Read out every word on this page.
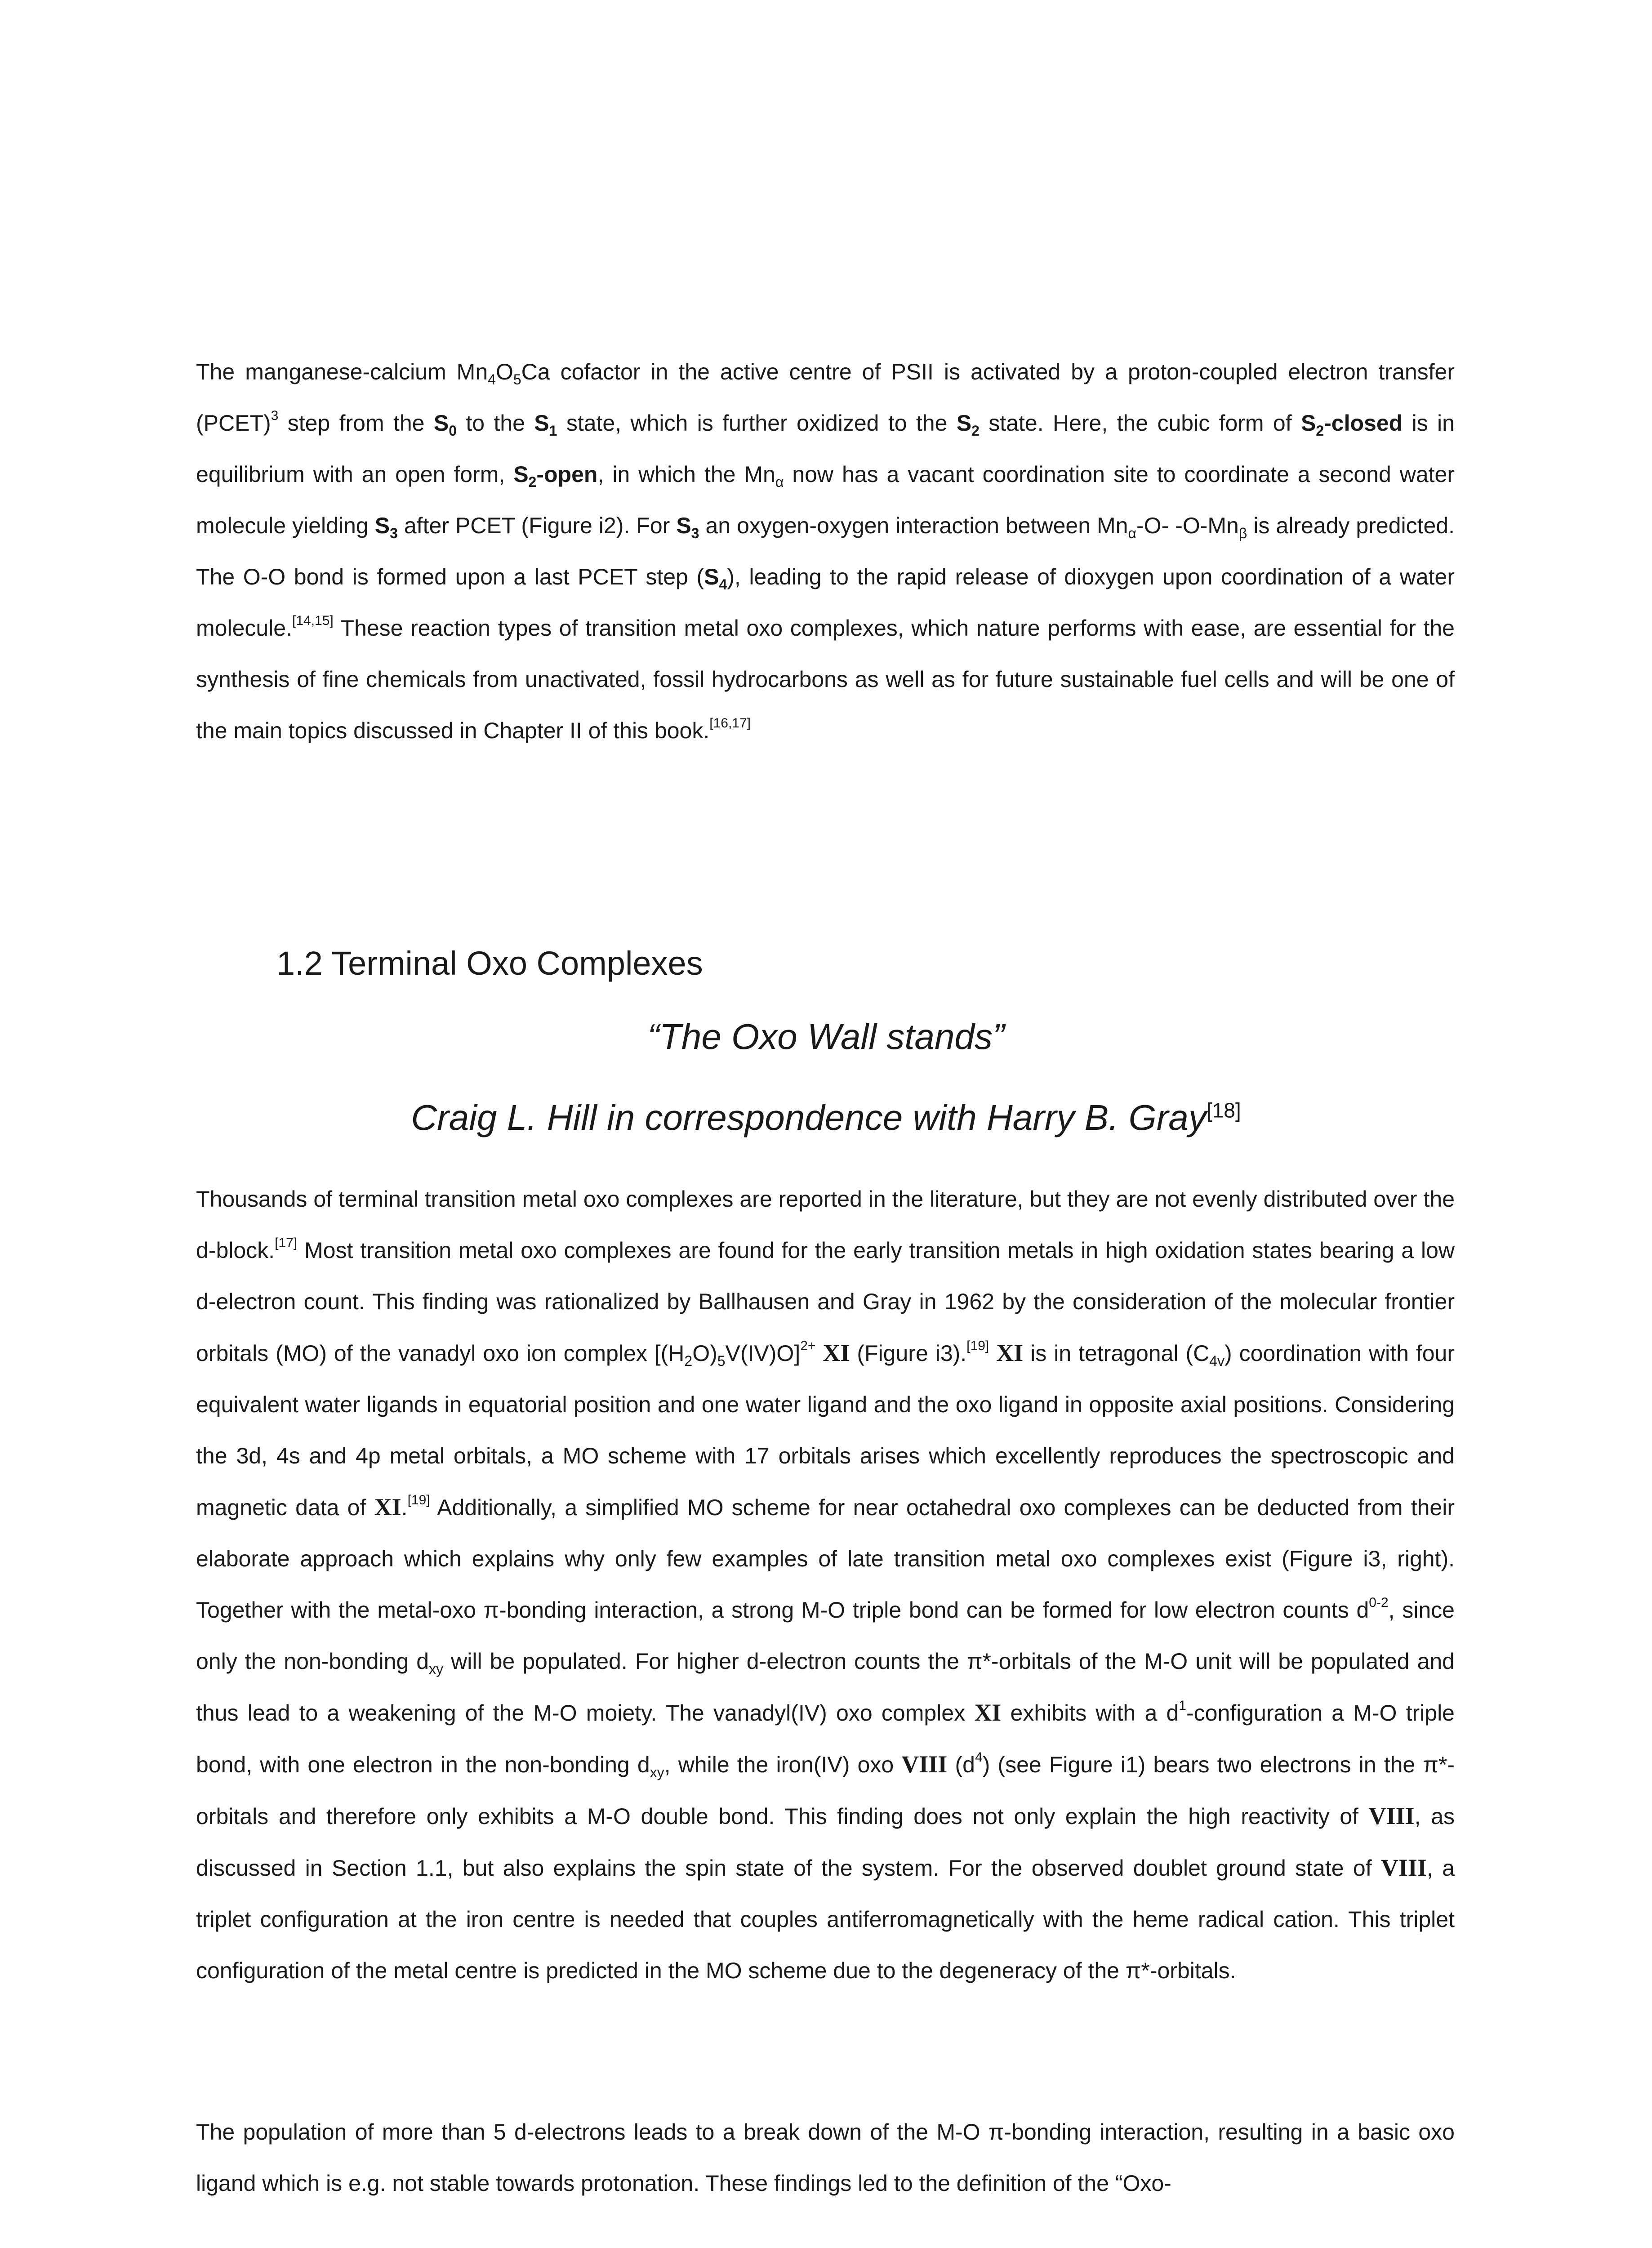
The manganese-calcium $Mn_4O_5Ca$ cofactor in the active centre of PSII is activated by a proton-coupled electron transfer (PCET)$^3$ step from the $S_0$ to the $S_1$ state, which is further oxidized to the $S_2$ state. Here, the cubic form of $S_2$-closed is in equilibrium with an open form, $S_2$-open, in which the $Mn_\alpha$ now has a vacant coordination site to coordinate a second water molecule yielding $S_3$ after PCET (Figure i2). For $S_3$ an oxygen-oxygen interaction between $Mn_\alpha-O-$ $-O-Mn_\beta$ is already predicted. The O-O bond is formed upon a last PCET step $(S_4)$, leading to the rapid release of dioxygen upon coordination of a water molecule.[14,15] These reaction types of transition metal oxo complexes, which nature performs with ease, are essential for the synthesis of fine chemicals from unactivated, fossil hydrocarbons as well as for future sustainable fuel cells and will be one of the main topics discussed in Chapter II of this book.[16,17]

1.2 Terminal Oxo Complexes

“The Oxo Wall stands”

Craig L. Hill in correspondence with Harry B. Gray[18]

Thousands of terminal transition metal oxo complexes are reported in the literature, but they are not evenly distributed over the d-block.[17] Most transition metal oxo complexes are found for the early transition metals in high oxidation states bearing a low d-electron count. This finding was rationalized by Ballhausen and Gray in 1962 by the consideration of the molecular frontier orbitals (MO) of the vanadyl oxo ion complex $[(H_2O)_5V(IV)O]^{2+}$ XI (Figure i3).[19] XI is in tetragonal $(C_{4v})$ coordination with four equivalent water ligands in equatorial position and one water ligand and the oxo ligand in opposite axial positions. Considering the 3d, 4s and 4p metal orbitals, a MO scheme with 17 orbitals arises which excellently reproduces the spectroscopic and magnetic data of XI.[19] Additionally, a simplified MO scheme for near octahedral oxo complexes can be deducted from their elaborate approach which explains why only few examples of late transition metal oxo complexes exist (Figure i3, right). Together with the metal-oxo π-bonding interaction, a strong M-O triple bond can be formed for low electron counts $d^{0-2}$, since only the non-bonding $d_{xy}$ will be populated. For higher d-electron counts the π*-orbitals of the M-O unit will be populated and thus lead to a weakening of the M-O moiety. The vanadyl(IV) oxo complex XI exhibits with a $d^1$-configuration a M-O triple bond, with one electron in the non-bonding $d_{xy}$, while the iron(IV) oxo VIII $(d^4)$ (see Figure i1) bears two electrons in the π*-orbitals and therefore only exhibits a M-O double bond. This finding does not only explain the high reactivity of VIII, as discussed in Section 1.1, but also explains the spin state of the system. For the observed doublet ground state of VIII, a triplet configuration at the iron centre is needed that couples antiferromagnetically with the heme radical cation. This triplet configuration of the metal centre is predicted in the MO scheme due to the degeneracy of the π*-orbitals.

The population of more than 5 d-electrons leads to a break down of the M-O π-bonding interaction, resulting in a basic oxo ligand which is e.g. not stable towards protonation. These findings led to the definition of the “Oxo-
